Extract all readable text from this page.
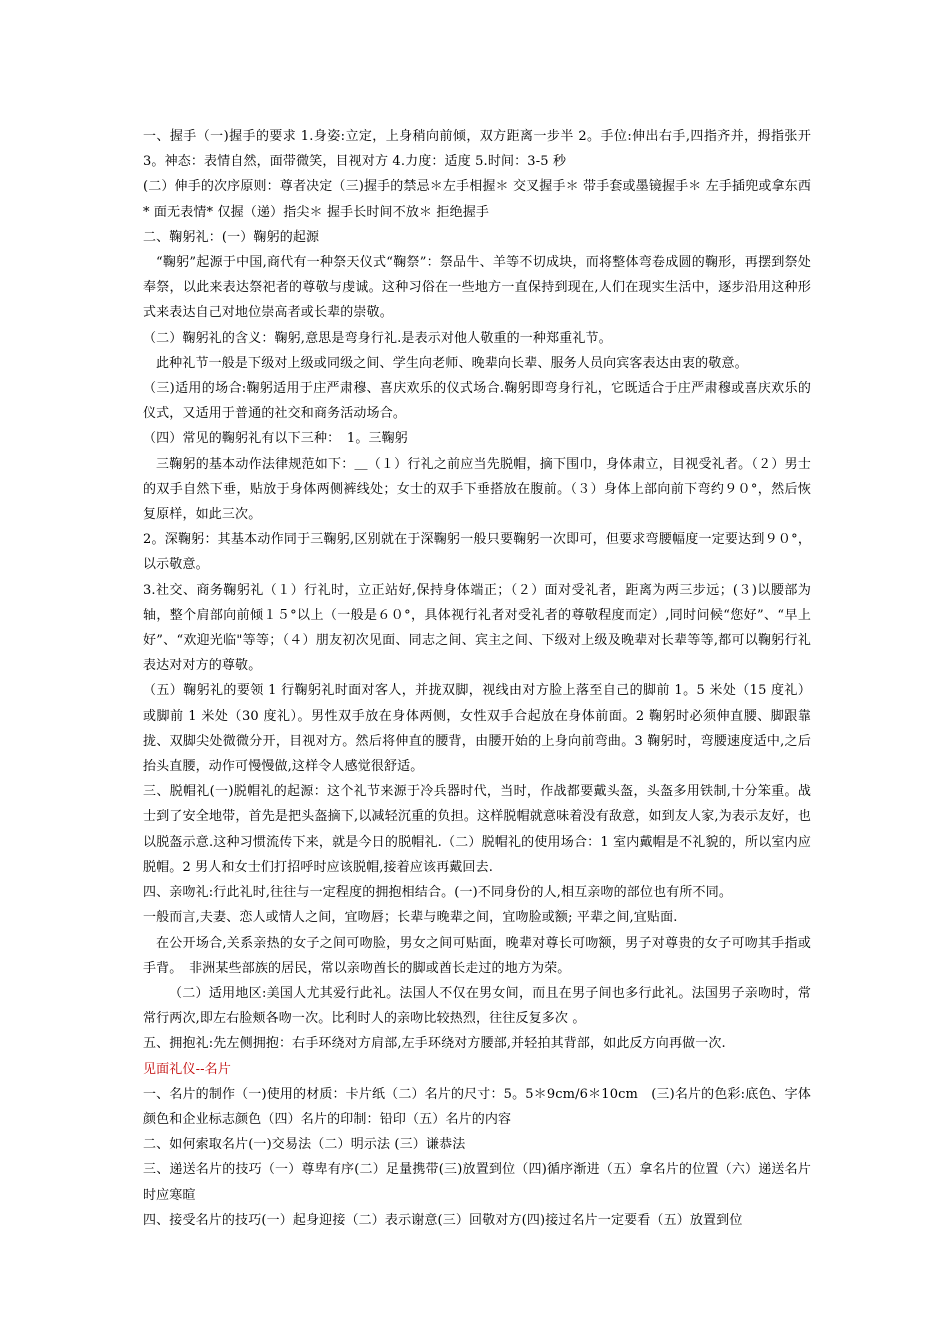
一、握手（一)握手的要求 1.身姿:立定，上身稍向前倾，双方距离一步半 2。手位:伸出右手,四指齐并，拇指张开 3。神态：表情自然，面带微笑，目视对方 4.力度：适度 5.时间：3-5 秒

(二）伸手的次序原则：尊者决定（三)握手的禁忌＊左手相握＊ 交叉握手＊ 带手套或墨镜握手＊ 左手插兜或拿东西* 面无表情* 仅握（递）指尖＊ 握手长时间不放＊ 拒绝握手

二、鞠躬礼：(一）鞠躬的起源

“鞠躬”起源于中国,商代有一种祭天仪式“鞠祭”：祭品牛、羊等不切成块，而将整体弯卷成圆的鞠形，再摆到祭处奉祭，以此来表达祭祀者的尊敬与虔诚。这种习俗在一些地方一直保持到现在,人们在现实生活中，逐步沿用这种形式来表达自己对地位崇高者或长辈的崇敬。

（二）鞠躬礼的含义：鞠躬,意思是弯身行礼.是表示对他人敬重的一种郑重礼节。

此种礼节一般是下级对上级或同级之间、学生向老师、晚辈向长辈、服务人员向宾客表达由衷的敬意。

（三)适用的场合:鞠躬适用于庄严肃穆、喜庆欢乐的仪式场合.鞠躬即弯身行礼，它既适合于庄严肃穆或喜庆欢乐的仪式，又适用于普通的社交和商务活动场合。

（四）常见的鞠躬礼有以下三种：　1。三鞠躬

三鞠躬的基本动作法律规范如下：＿（１）行礼之前应当先脱帽，摘下围巾，身体肃立，目视受礼者。（２）男士的双手自然下垂，贴放于身体两侧裤线处；女士的双手下垂搭放在腹前。（３）身体上部向前下弯约９０°，然后恢复原样，如此三次。

2。深鞠躬：其基本动作同于三鞠躬,区别就在于深鞠躬一般只要鞠躬一次即可，但要求弯腰幅度一定要达到９０°，以示敬意。

3.社交、商务鞠躬礼（１）行礼时，立正站好,保持身体端正；（２）面对受礼者，距离为两三步远；(３)以腰部为轴，整个肩部向前倾１５°以上（一般是６０°，具体视行礼者对受礼者的尊敬程度而定）,同时问候“您好”、“早上好”、“欢迎光临"等等；（４）朋友初次见面、同志之间、宾主之间、下级对上级及晚辈对长辈等等,都可以鞠躬行礼表达对对方的尊敬。

（五）鞠躬礼的要领 1 行鞠躬礼时面对客人，并拢双脚，视线由对方脸上落至自己的脚前 1。5 米处（15 度礼）或脚前 1 米处（30 度礼）。男性双手放在身体两侧，女性双手合起放在身体前面。2 鞠躬时必须伸直腰、脚跟靠拢、双脚尖处微微分开，目视对方。然后将伸直的腰背，由腰开始的上身向前弯曲。3 鞠躬时，弯腰速度适中,之后抬头直腰，动作可慢慢做,这样令人感觉很舒适。

三、脱帽礼(一)脱帽礼的起源：这个礼节来源于冷兵器时代，当时，作战都要戴头盔，头盔多用铁制,十分笨重。战士到了安全地带，首先是把头盔摘下,以减轻沉重的负担。这样脱帽就意味着没有敌意，如到友人家,为表示友好，也以脱盔示意.这种习惯流传下来，就是今日的脱帽礼.（二）脱帽礼的使用场合：1 室内戴帽是不礼貌的，所以室内应脱帽。2 男人和女士们打招呼时应该脱帽,接着应该再戴回去.

四、亲吻礼:行此礼时,往往与一定程度的拥抱相结合。(一)不同身份的人,相互亲吻的部位也有所不同。

一般而言,夫妻、恋人或情人之间，宜吻唇；长辈与晚辈之间，宜吻脸或额; 平辈之间,宜贴面.

在公开场合,关系亲热的女子之间可吻脸，男女之间可贴面，晚辈对尊长可吻额，男子对尊贵的女子可吻其手指或手背。　非洲某些部族的居民，常以亲吻酋长的脚或酋长走过的地方为荣。

（二）适用地区:美国人尤其爱行此礼。法国人不仅在男女间，而且在男子间也多行此礼。法国男子亲吻时，常常行两次,即左右脸颊各吻一次。比利时人的亲吻比较热烈，往往反复多次 。

五、拥抱礼:先左侧拥抱：右手环绕对方肩部,左手环绕对方腰部,并轻拍其背部，如此反方向再做一次.

见面礼仪--名片

一、名片的制作（一)使用的材质：卡片纸（二）名片的尺寸：5。5＊9cm/6＊10cm　(三)名片的色彩:底色、字体颜色和企业标志颜色（四）名片的印制：铅印（五）名片的内容

二、如何索取名片(一)交易法（二）明示法 (三）谦恭法

三、递送名片的技巧（一）尊卑有序(二）足量携带(三)放置到位（四)循序渐进（五）拿名片的位置（六）递送名片时应寒暄

四、接受名片的技巧(一）起身迎接（二）表示谢意(三）回敬对方(四)接过名片一定要看（五）放置到位
